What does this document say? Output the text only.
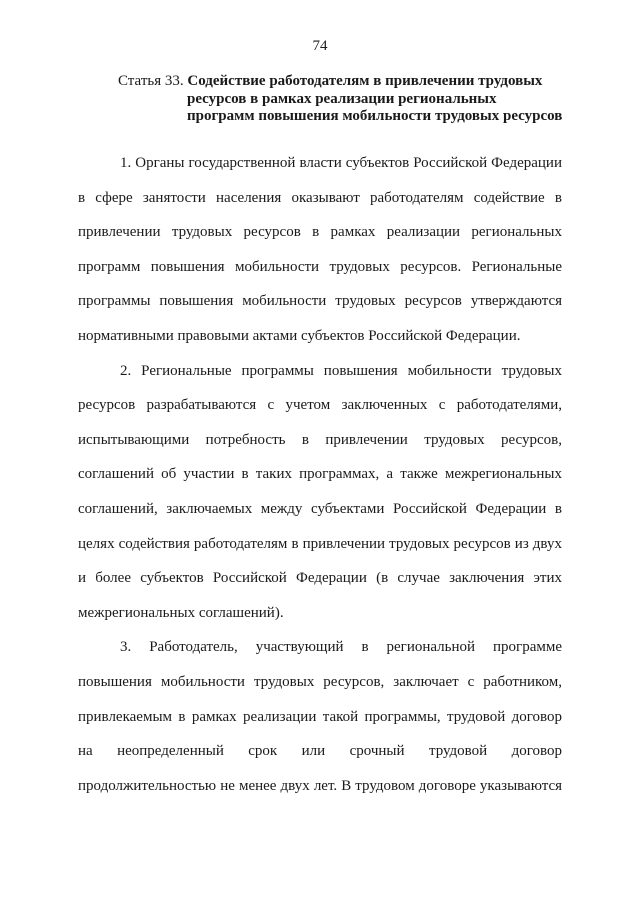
74
Статья 33. Содействие работодателям в привлечении трудовых
ресурсов в рамках реализации региональных
программ повышения мобильности трудовых ресурсов

1. Органы государственной власти субъектов Российской Федерации
в сфере занятости населения оказывают работодателям содействие в
привлечении трудовых ресурсов в рамках реализации региональных
программ повышения мобильности трудовых ресурсов. Региональные
программы повышения мобильности трудовых ресурсов утверждаются
нормативными правовыми актами субъектов Российской Федерации.

2. Региональные программы повышения мобильности трудовых
ресурсов разрабатываются с учетом заключенных с работодателями,
испытывающими потребность в привлечении трудовых ресурсов,
соглашений об участии в таких программах, а также межрегиональных
соглашений, заключаемых между субъектами Российской Федерации в
целях содействия работодателям в привлечении трудовых ресурсов из двух
и более субъектов Российской Федерации (в случае заключения этих
межрегиональных соглашений).

3. Работодатель, участвующий в региональной программе
повышения мобильности трудовых ресурсов, заключает с работником,
привлекаемым в рамках реализации такой программы, трудовой договор
на неопределенный срок или срочный трудовой договор
продолжительностью не менее двух лет. В трудовом договоре указываются
